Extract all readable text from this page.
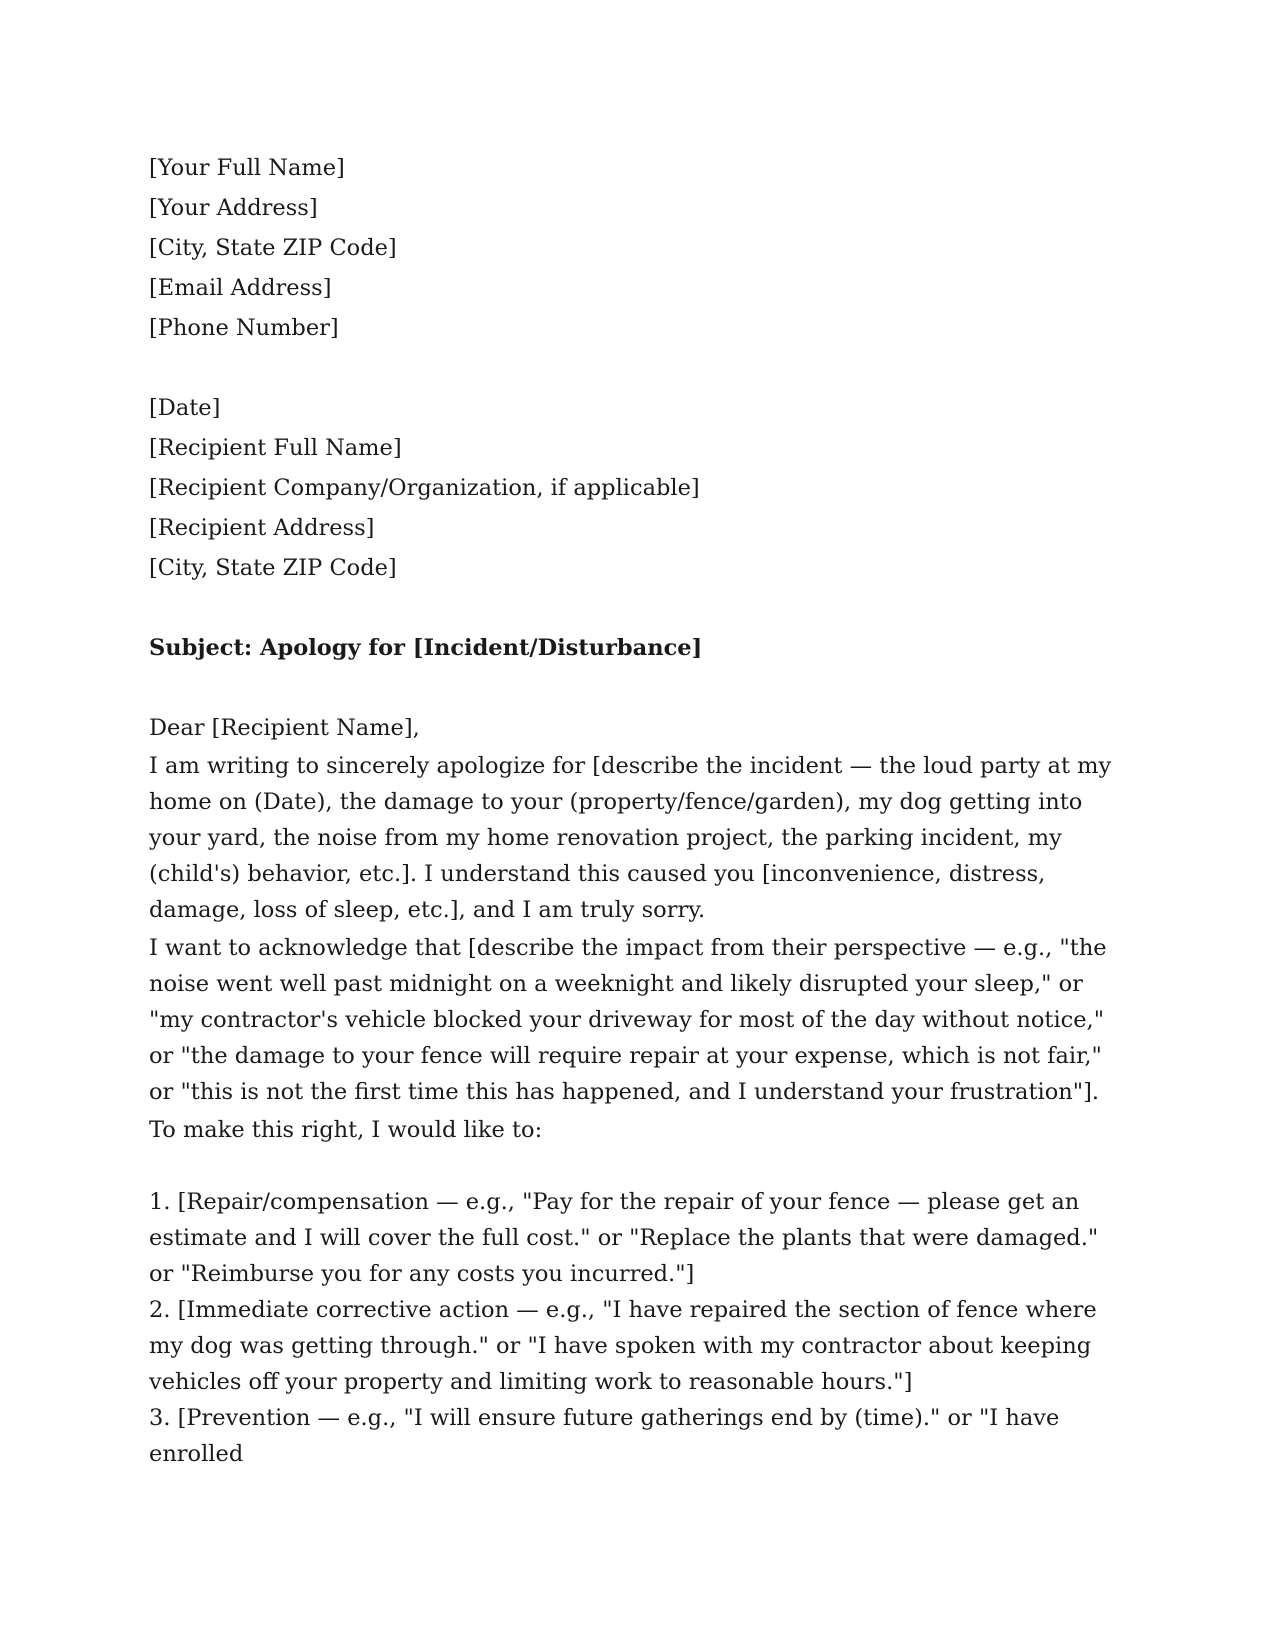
[Your Full Name]
[Your Address]
[City, State ZIP Code]
[Email Address]
[Phone Number]
[Date]
[Recipient Full Name]
[Recipient Company/Organization, if applicable]
[Recipient Address]
[City, State ZIP Code]
Subject: Apology for [Incident/Disturbance]
Dear [Recipient Name],

I am writing to sincerely apologize for [describe the incident — the loud party at my home on (Date), the damage to your (property/fence/garden), my dog getting into your yard, the noise from my home renovation project, the parking incident, my (child's) behavior, etc.]. I understand this caused you [inconvenience, distress, damage, loss of sleep, etc.], and I am truly sorry.

I want to acknowledge that [describe the impact from their perspective — e.g., "the noise went well past midnight on a weeknight and likely disrupted your sleep," or "my contractor's vehicle blocked your driveway for most of the day without notice," or "the damage to your fence will require repair at your expense, which is not fair," or "this is not the first time this has happened, and I understand your frustration"].

To make this right, I would like to:

1. [Repair/compensation — e.g., "Pay for the repair of your fence — please get an estimate and I will cover the full cost." or "Replace the plants that were damaged." or "Reimburse you for any costs you incurred."]

2. [Immediate corrective action — e.g., "I have repaired the section of fence where my dog was getting through." or "I have spoken with my contractor about keeping vehicles off your property and limiting work to reasonable hours."]

3. [Prevention — e.g., "I will ensure future gatherings end by (time)." or "I have enrolled
